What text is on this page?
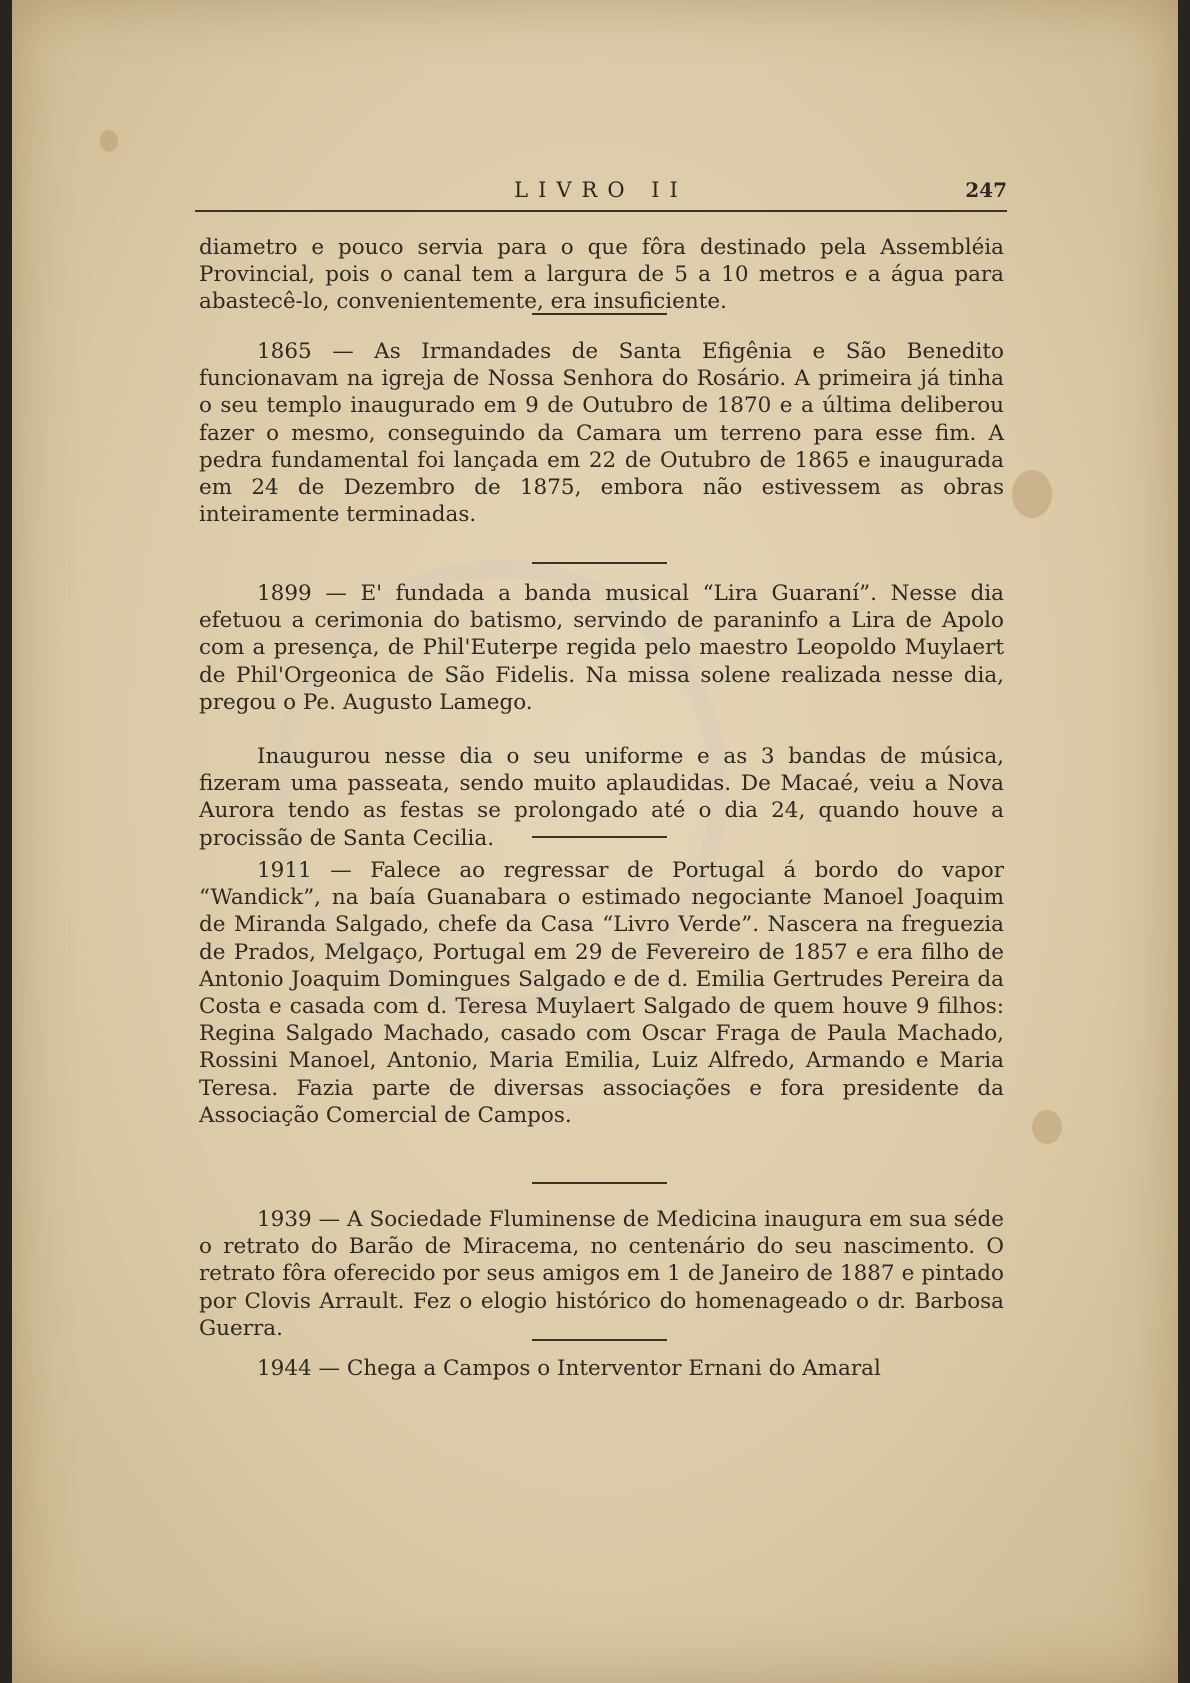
LIVRO II	247

diametro e pouco servia para o que fôra destinado pela Assembléia Provincial, pois o canal tem a largura de 5 a 10 metros e a água para abastecê-lo, convenientemente, era insuficiente.

1865 — As Irmandades de Santa Efigênia e São Benedito funcionavam na igreja de Nossa Senhora do Rosário. A primeira já tinha o seu templo inaugurado em 9 de Outubro de 1870 e a última deliberou fazer o mesmo, conseguindo da Camara um terreno para esse fim. A pedra fundamental foi lançada em 22 de Outubro de 1865 e inaugurada em 24 de Dezembro de 1875, embora não estivessem as obras inteiramente terminadas.

1899 — E' fundada a banda musical “Lira Guaraní”. Nesse dia efetuou a cerimonia do batismo, servindo de paraninfo a Lira de Apolo com a presença, de Phil'Euterpe regida pelo maestro Leopoldo Muylaert de Phil'Orgeonica de São Fidelis. Na missa solene realizada nesse dia, pregou o Pe. Augusto Lamego.

Inaugurou nesse dia o seu uniforme e as 3 bandas de música, fizeram uma passeata, sendo muito aplaudidas. De Macaé, veiu a Nova Aurora tendo as festas se prolongado até o dia 24, quando houve a procissão de Santa Cecilia.

1911 — Falece ao regressar de Portugal á bordo do vapor “Wandick”, na baía Guanabara o estimado negociante Manoel Joaquim de Miranda Salgado, chefe da Casa “Livro Verde”. Nascera na freguezia de Prados, Melgaço, Portugal em 29 de Fevereiro de 1857 e era filho de Antonio Joaquim Domingues Salgado e de d. Emilia Gertrudes Pereira da Costa e casada com d. Teresa Muylaert Salgado de quem houve 9 filhos: Regina Salgado Machado, casado com Oscar Fraga de Paula Machado, Rossini Manoel, Antonio, Maria Emilia, Luiz Alfredo, Armando e Maria Teresa. Fazia parte de diversas associações e fora presidente da Associação Comercial de Campos.

1939 — A Sociedade Fluminense de Medicina inaugura em sua séde o retrato do Barão de Miracema, no centenário do seu nascimento. O retrato fôra oferecido por seus amigos em 1 de Janeiro de 1887 e pintado por Clovis Arrault. Fez o elogio histórico do homenageado o dr. Barbosa Guerra.

1944 — Chega a Campos o Interventor Ernani do Amaral
